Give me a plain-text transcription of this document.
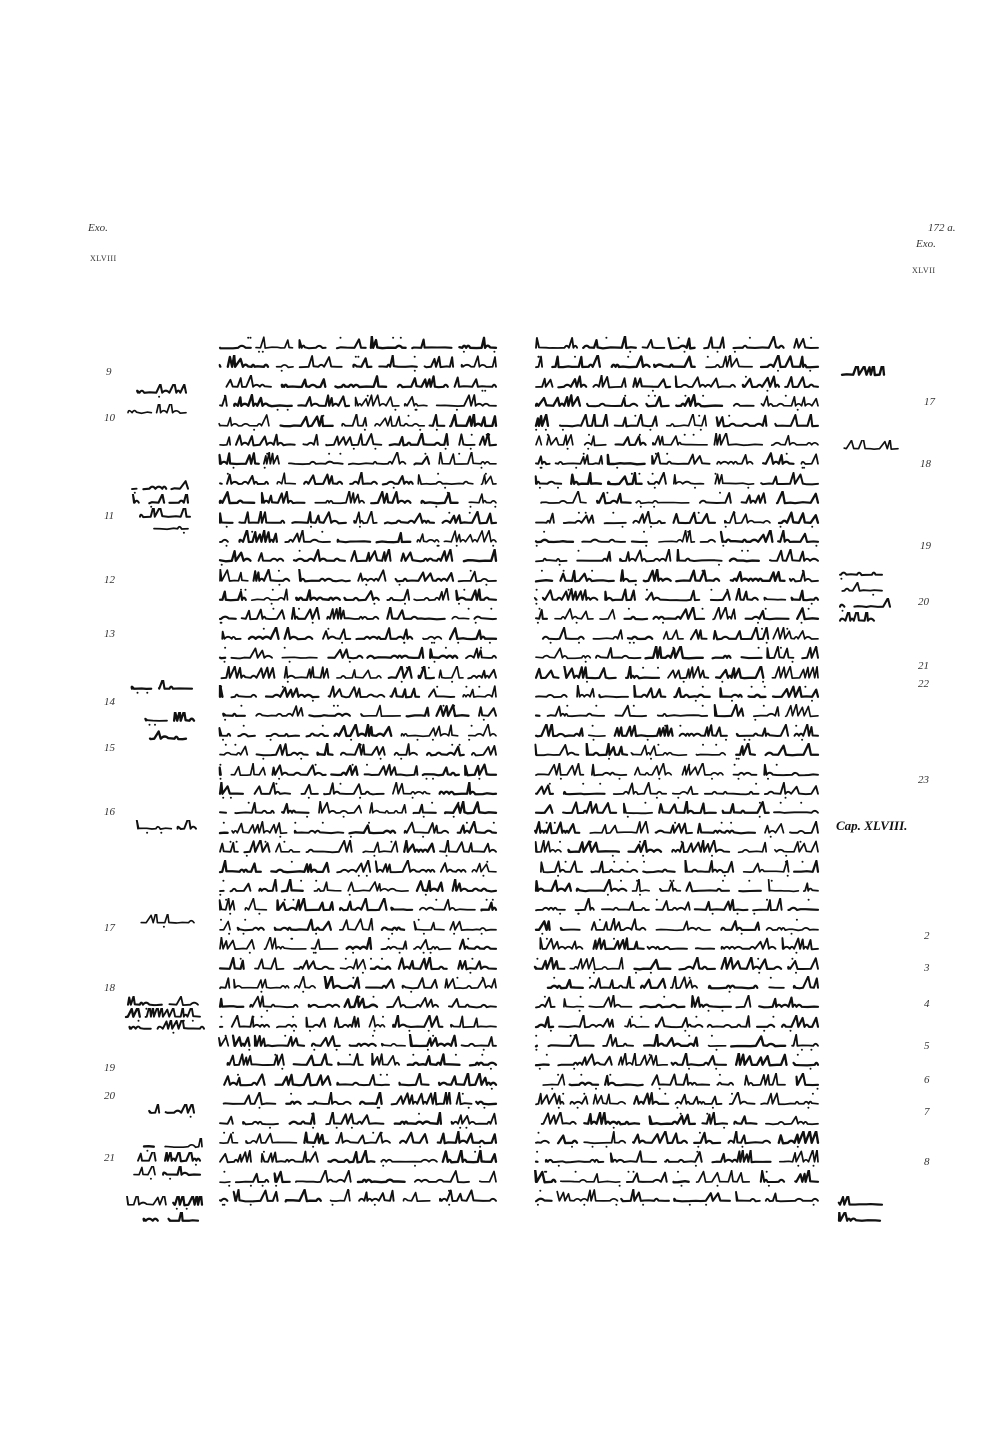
Exo.
XLVIII
172 a.
Exo.
XLVII
9
10
11
12
13
14
15
16
17
18
19
20
21
17
18
19
20
21
22
23
2
3
4
5
6
7
8
Cap. XLVIII.
